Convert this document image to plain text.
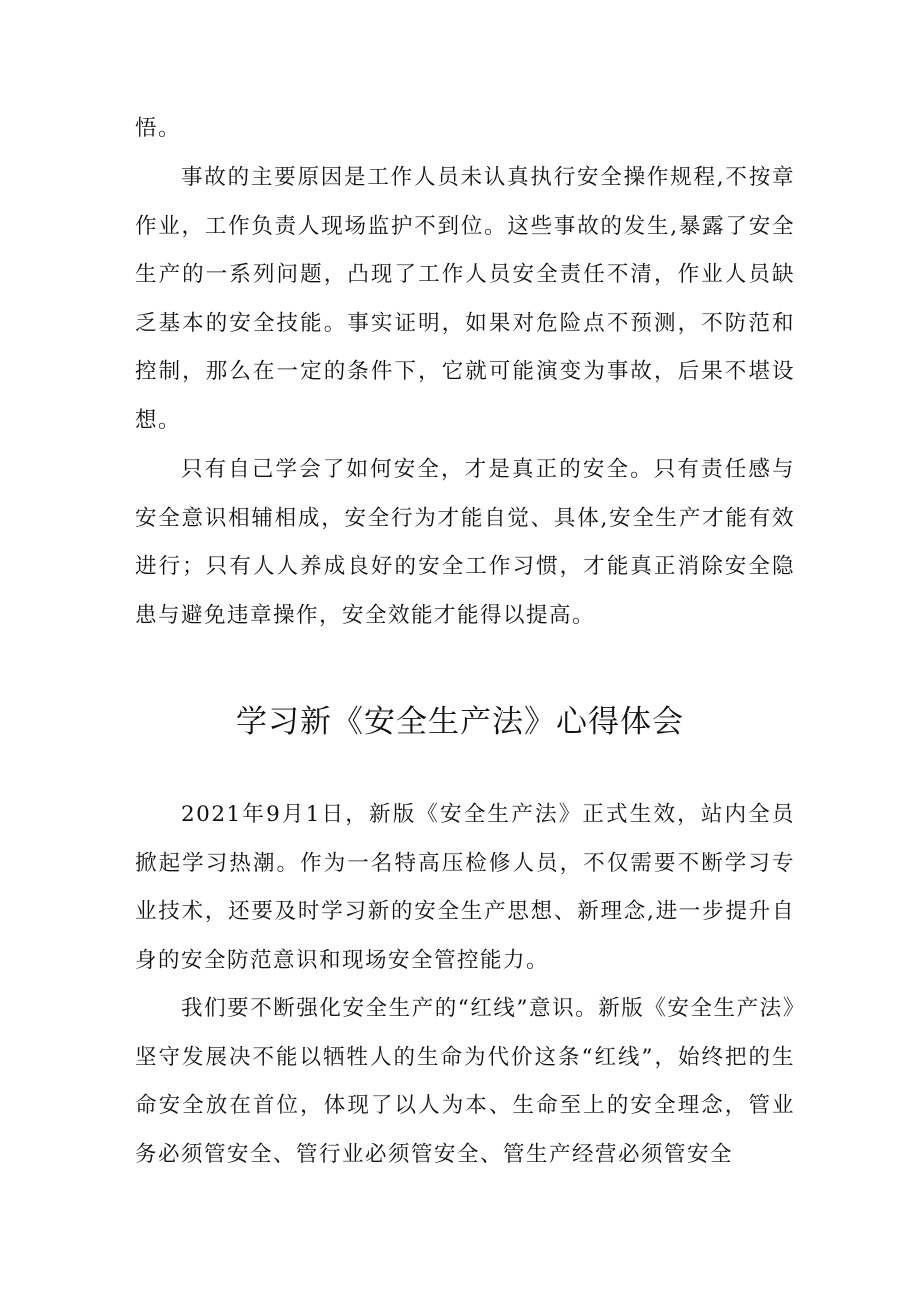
悟。

事故的主要原因是工作人员未认真执行安全操作规程,不按章作业，工作负责人现场监护不到位。这些事故的发生,暴露了安全生产的一系列问题，凸现了工作人员安全责任不清，作业人员缺乏基本的安全技能。事实证明，如果对危险点不预测，不防范和控制，那么在一定的条件下，它就可能演变为事故，后果不堪设想。

只有自己学会了如何安全，才是真正的安全。只有责任感与安全意识相辅相成，安全行为才能自觉、具体,安全生产才能有效进行；只有人人养成良好的安全工作习惯，才能真正消除安全隐患与避免违章操作，安全效能才能得以提高。

学习新《安全生产法》心得体会

2021年9月1日，新版《安全生产法》正式生效，站内全员掀起学习热潮。作为一名特高压检修人员，不仅需要不断学习专业技术，还要及时学习新的安全生产思想、新理念,进一步提升自身的安全防范意识和现场安全管控能力。

我们要不断强化安全生产的“红线”意识。新版《安全生产法》坚守发展决不能以牺牲人的生命为代价这条“红线”，始终把的生命安全放在首位，体现了以人为本、生命至上的安全理念，管业务必须管安全、管行业必须管安全、管生产经营必须管安全
